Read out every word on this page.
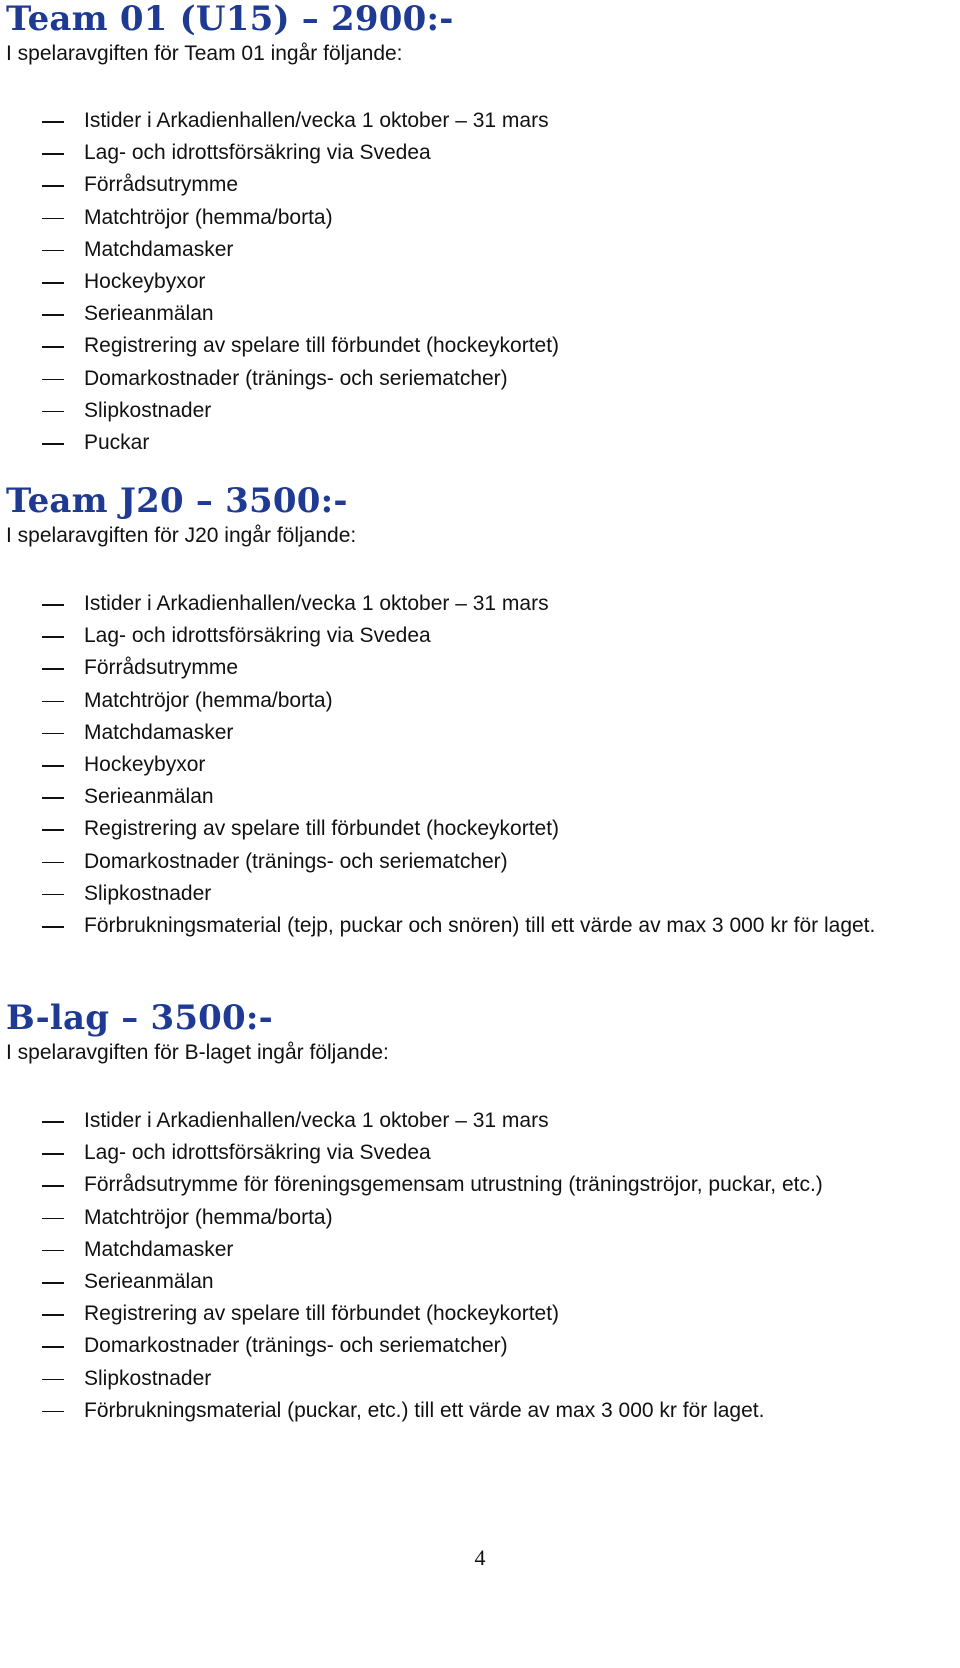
Team 01 (U15) – 2900:-

I spelaravgiften för Team 01 ingår följande:

Istider i Arkadienhallen/vecka 1 oktober – 31 mars
Lag- och idrottsförsäkring via Svedea
Förrådsutrymme
Matchtröjor (hemma/borta)
Matchdamasker
Hockeybyxor
Serieanmälan
Registrering av spelare till förbundet (hockeykortet)
Domarkostnader (tränings- och seriematcher)
Slipkostnader
Puckar
Team J20 – 3500:-

I spelaravgiften för J20 ingår följande:

Istider i Arkadienhallen/vecka 1 oktober – 31 mars
Lag- och idrottsförsäkring via Svedea
Förrådsutrymme
Matchtröjor (hemma/borta)
Matchdamasker
Hockeybyxor
Serieanmälan
Registrering av spelare till förbundet (hockeykortet)
Domarkostnader (tränings- och seriematcher)
Slipkostnader
Förbrukningsmaterial (tejp, puckar och snören) till ett värde av max 3 000 kr för laget.
B-lag – 3500:-

I spelaravgiften för B-laget ingår följande:

Istider i Arkadienhallen/vecka 1 oktober – 31 mars
Lag- och idrottsförsäkring via Svedea
Förrådsutrymme för föreningsgemensam utrustning (träningströjor, puckar, etc.)
Matchtröjor (hemma/borta)
Matchdamasker
Serieanmälan
Registrering av spelare till förbundet (hockeykortet)
Domarkostnader (tränings- och seriematcher)
Slipkostnader
Förbrukningsmaterial (puckar, etc.) till ett värde av max 3 000 kr för laget.
4
